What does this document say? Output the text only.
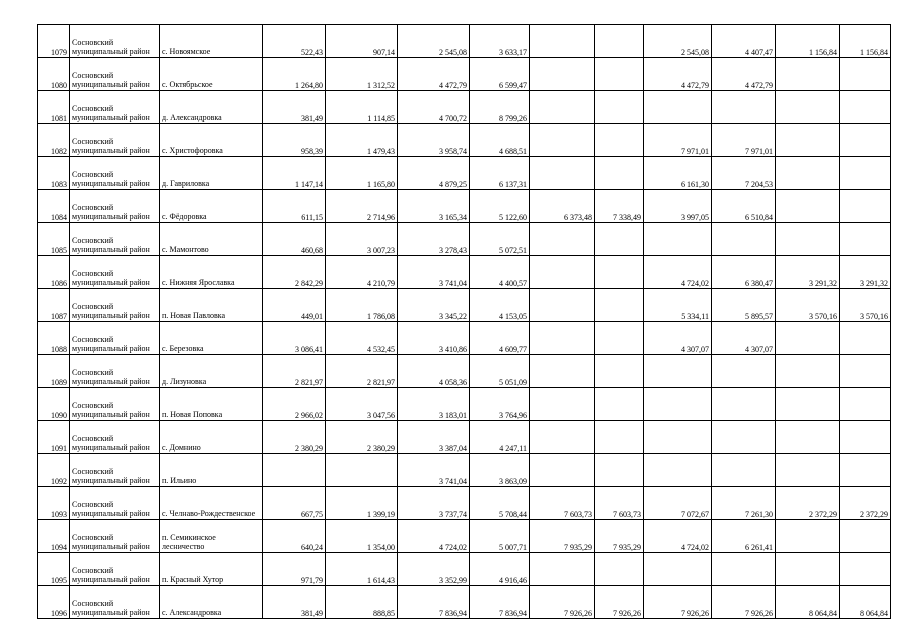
1079	Сосновский муниципальный район	с. Новоямское	522,43	907,14	2 545,08	3 633,17			2 545,08	4 407,47	1 156,84	1 156,84
1080	Сосновский муниципальный район	с. Октябрьское	1 264,80	1 312,52	4 472,79	6 599,47			4 472,79	4 472,79		
1081	Сосновский муниципальный район	д. Александровка	381,49	1 114,85	4 700,72	8 799,26						
1082	Сосновский муниципальный район	с. Христофоровка	958,39	1 479,43	3 958,74	4 688,51			7 971,01	7 971,01		
1083	Сосновский муниципальный район	д. Гавриловка	1 147,14	1 165,80	4 879,25	6 137,31			6 161,30	7 204,53		
1084	Сосновский муниципальный район	с. Фёдоровка	611,15	2 714,96	3 165,34	5 122,60	6 373,48	7 338,49	3 997,05	6 510,84		
1085	Сосновский муниципальный район	с. Мамонтово	460,68	3 007,23	3 278,43	5 072,51						
1086	Сосновский муниципальный район	с. Нижняя Ярославка	2 842,29	4 210,79	3 741,04	4 400,57			4 724,02	6 380,47	3 291,32	3 291,32
1087	Сосновский муниципальный район	п. Новая Павловка	449,01	1 786,08	3 345,22	4 153,05			5 334,11	5 895,57	3 570,16	3 570,16
1088	Сосновский муниципальный район	с. Березовка	3 086,41	4 532,45	3 410,86	4 609,77			4 307,07	4 307,07		
1089	Сосновский муниципальный район	д. Лизуновка	2 821,97	2 821,97	4 058,36	5 051,09						
1090	Сосновский муниципальный район	п. Новая Поповка	2 966,02	3 047,56	3 183,01	3 764,96						
1091	Сосновский муниципальный район	с. Домнино	2 380,29	2 380,29	3 387,04	4 247,11						
1092	Сосновский муниципальный район	п. Ильино			3 741,04	3 863,09						
1093	Сосновский муниципальный район	с. Челнаво-Рождественское	667,75	1 399,19	3 737,74	5 708,44	7 603,73	7 603,73	7 072,67	7 261,30	2 372,29	2 372,29
1094	Сосновский муниципальный район	п. Семикинское лесничество	640,24	1 354,00	4 724,02	5 007,71	7 935,29	7 935,29	4 724,02	6 261,41		
1095	Сосновский муниципальный район	п. Красный Хутор	971,79	1 614,43	3 352,99	4 916,46						
1096	Сосновский муниципальный район	с. Александровка	381,49	888,85	7 836,94	7 836,94	7 926,26	7 926,26	7 926,26	7 926,26	8 064,84	8 064,84
